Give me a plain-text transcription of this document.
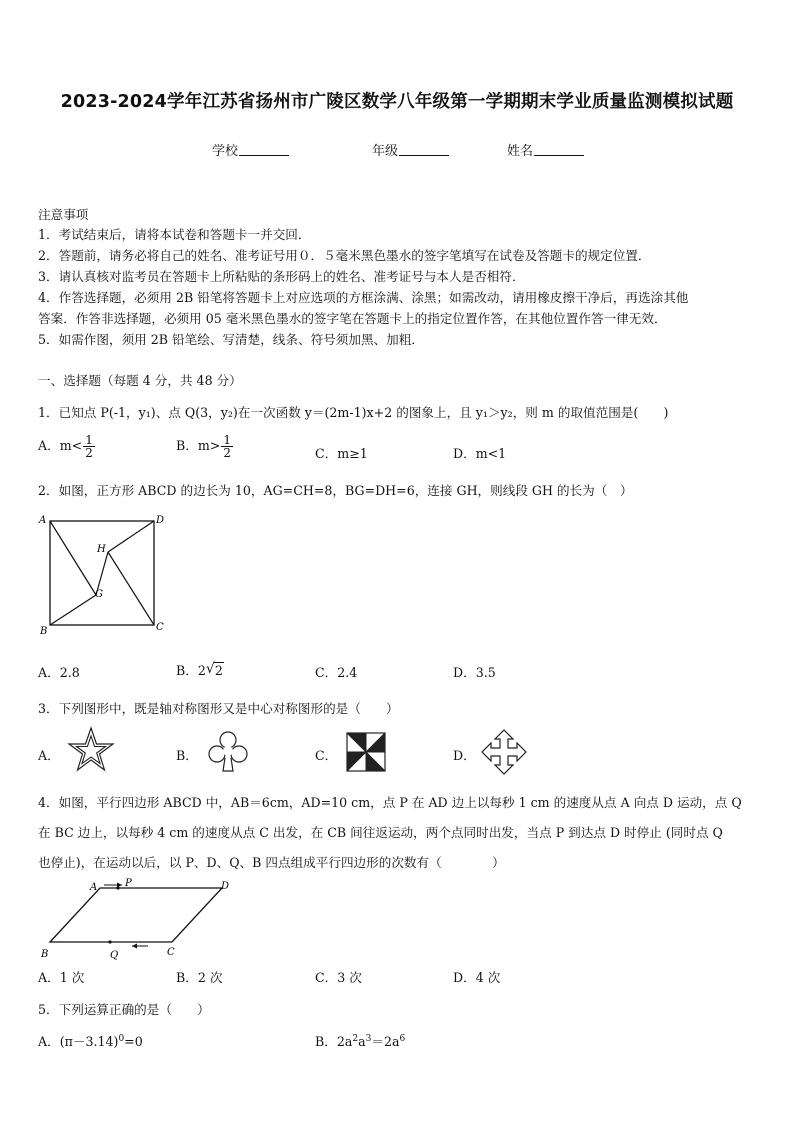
2023-2024学年江苏省扬州市广陵区数学八年级第一学期期末学业质量监测模拟试题
学校	年级	姓名
注意事项
1．考试结束后，请将本试卷和答题卡一并交回．
2．答题前，请务必将自己的姓名、准考证号用０．５毫米黑色墨水的签字笔填写在试卷及答题卡的规定位置．
3．请认真核对监考员在答题卡上所粘贴的条形码上的姓名、准考证号与本人是否相符．
4．作答选择题，必须用 2B 铅笔将答题卡上对应选项的方框涂满、涂黑；如需改动，请用橡皮擦干净后，再选涂其他
答案．作答非选择题，必须用 05 毫米黑色墨水的签字笔在答题卡上的指定位置作答，在其他位置作答一律无效．
5．如需作图，须用 2B 铅笔绘、写清楚，线条、符号须加黑、加粗．
一、选择题（每题 4 分，共 48 分）
1．已知点 P(-1，y₁)、点 Q(3，y₂)在一次函数 y＝(2m-1)x+2 的图象上，且 y₁＞y₂，则 m 的取值范围是(　　)
A．$m< \frac{1}{2}$	B．$m> \frac{1}{2}$	C．m≥1	D．m<1
2．如图，正方形 ABCD 的边长为 10，AG=CH=8，BG=DH=6，连接 GH，则线段 GH 的长为（　）
A	D
B	C
G
H
A．2.8	B．2 √ 2	C．2.4	D．3.5
3．下列图形中，既是轴对称图形又是中心对称图形的是（　　）
A．	B．	C．	D．
4．如图，平行四边形 ABCD 中，AB＝6cm，AD=10 cm，点 P 在 AD 边上以每秒 1 cm 的速度从点 A 向点 D 运动，点 Q
在 BC 边上，以每秒 4 cm 的速度从点 C 出发，在 CB 间往返运动，两个点同时出发，当点 P 到达点 D 时停止 (同时点 Q
也停止)，在运动以后，以 P、D、Q、B 四点组成平行四边形的次数有（　　　　）
A	P	D
B	Q	C
A．1 次	B．2 次	C．3 次	D．4 次
5．下列运算正确的是（　　）
A．$(\pi-3.14)^0=0$	B．$2a^2a^3=2a^6$
